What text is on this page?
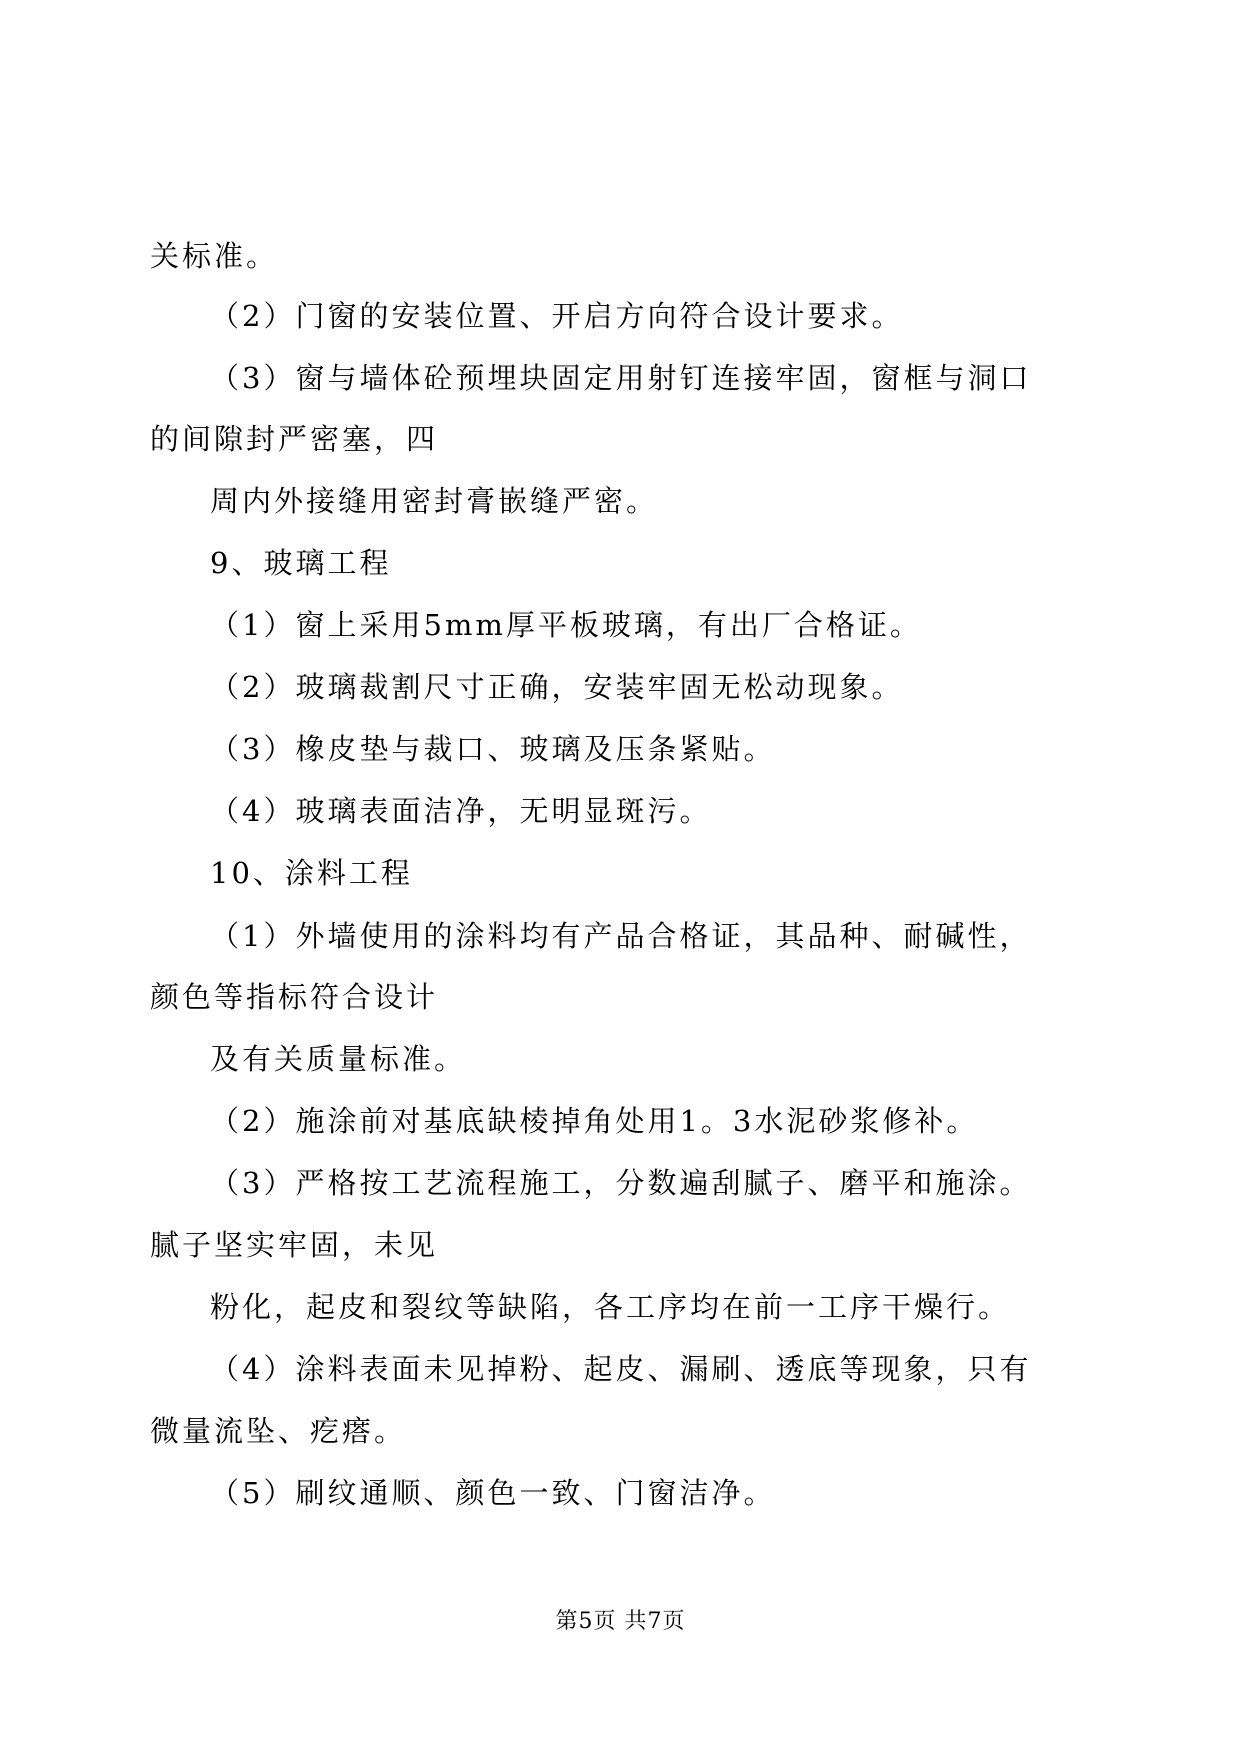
关标准。
（2）门窗的安装位置、开启方向符合设计要求。
（3）窗与墙体砼预埋块固定用射钉连接牢固，窗框与洞口
的间隙封严密塞，四
周内外接缝用密封膏嵌缝严密。
9、玻璃工程
（1）窗上采用5mm厚平板玻璃，有出厂合格证。
（2）玻璃裁割尺寸正确，安装牢固无松动现象。
（3）橡皮垫与裁口、玻璃及压条紧贴。
（4）玻璃表面洁净，无明显斑污。
10、涂料工程
（1）外墙使用的涂料均有产品合格证，其品种、耐碱性，
颜色等指标符合设计
及有关质量标准。
（2）施涂前对基底缺棱掉角处用1。3水泥砂浆修补。
（3）严格按工艺流程施工，分数遍刮腻子、磨平和施涂。
腻子坚实牢固，未见
粉化，起皮和裂纹等缺陷，各工序均在前一工序干燥行。
（4）涂料表面未见掉粉、起皮、漏刷、透底等现象，只有
微量流坠、疙瘩。
（5）刷纹通顺、颜色一致、门窗洁净。
第5页 共7页
